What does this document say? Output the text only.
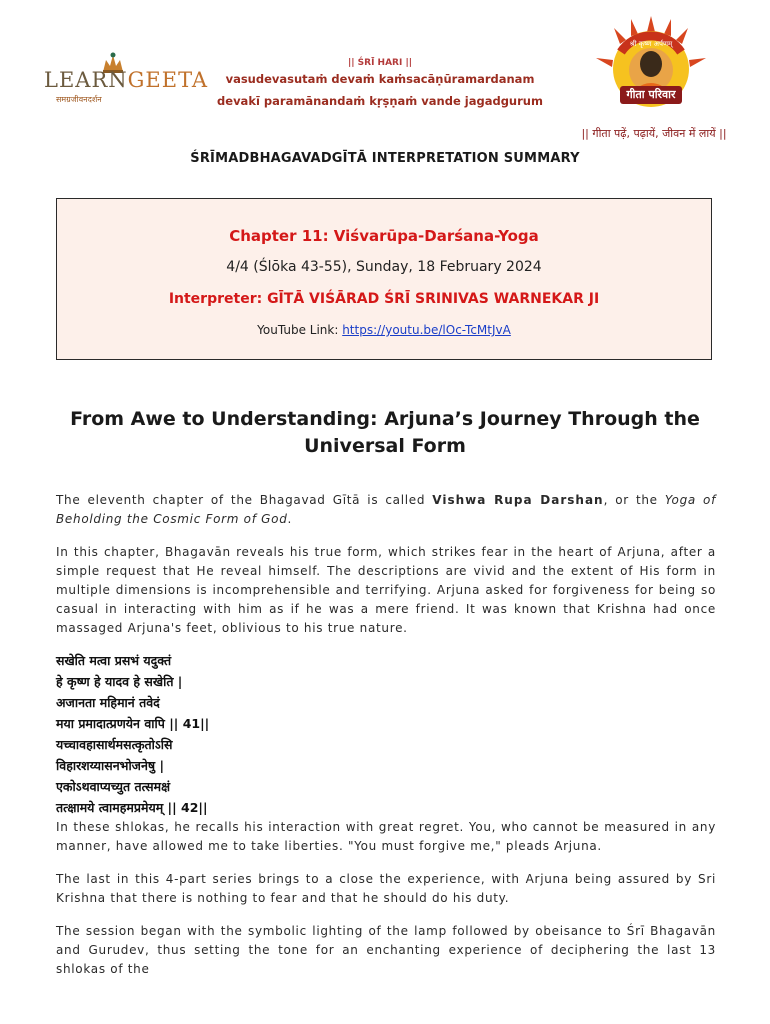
LEARNGEETA
समग्रजीवनदर्शन
|| ŚRĪ HARI ||
vasudevasutaṁ devaṁ kaṁsacāṇūramardanam
devakī paramānandaṁ kṛṣṇaṁ vande jagadgurum
श्री कृष्ण अर्पणम्
गीता परिवार
|| गीता पढ़ें, पढ़ायें, जीवन में लायें ||
ŚRĪMADBHAGAVADGĪTĀ INTERPRETATION SUMMARY
Chapter 11: Viśvarūpa-Darśana-Yoga
4/4 (Ślōka 43-55), Sunday, 18 February 2024
Interpreter: GĪTĀ VIŚĀRAD ŚRĪ SRINIVAS WARNEKAR JI
YouTube Link: https://youtu.be/lOc-TcMtJvA
From Awe to Understanding: Arjuna’s Journey Through the
Universal Form

The eleventh chapter of the Bhagavad Gītā is called Vishwa Rupa Darshan, or the Yoga of Beholding the Cosmic Form of God.

In this chapter, Bhagavān reveals his true form, which strikes fear in the heart of Arjuna, after a simple request that He reveal himself. The descriptions are vivid and the extent of His form in multiple dimensions is incomprehensible and terrifying. Arjuna asked for forgiveness for being so casual in interacting with him as if he was a mere friend. It was known that Krishna had once massaged Arjuna's feet, oblivious to his true nature.

सखेति मत्वा प्रसभं यदुक्तं

हे कृष्ण हे यादव हे सखेति |

अजानता महिमानं तवेदं

मया प्रमादात्प्रणयेन वापि || 41||

यच्चावहासार्थमसत्कृतोऽसि

विहारशय्यासनभोजनेषु |

एकोऽथवाप्यच्युत तत्समक्षं

तत्क्षामये त्वामहमप्रमेयम् || 42||

In these shlokas, he recalls his interaction with great regret. You, who cannot be measured in any manner, have allowed me to take liberties. "You must forgive me," pleads Arjuna.

The last in this 4-part series brings to a close the experience, with Arjuna being assured by Sri Krishna that there is nothing to fear and that he should do his duty.

The session began with the symbolic lighting of the lamp followed by obeisance to Śrī Bhagavān and Gurudev, thus setting the tone for an enchanting experience of deciphering the last 13 shlokas of the
